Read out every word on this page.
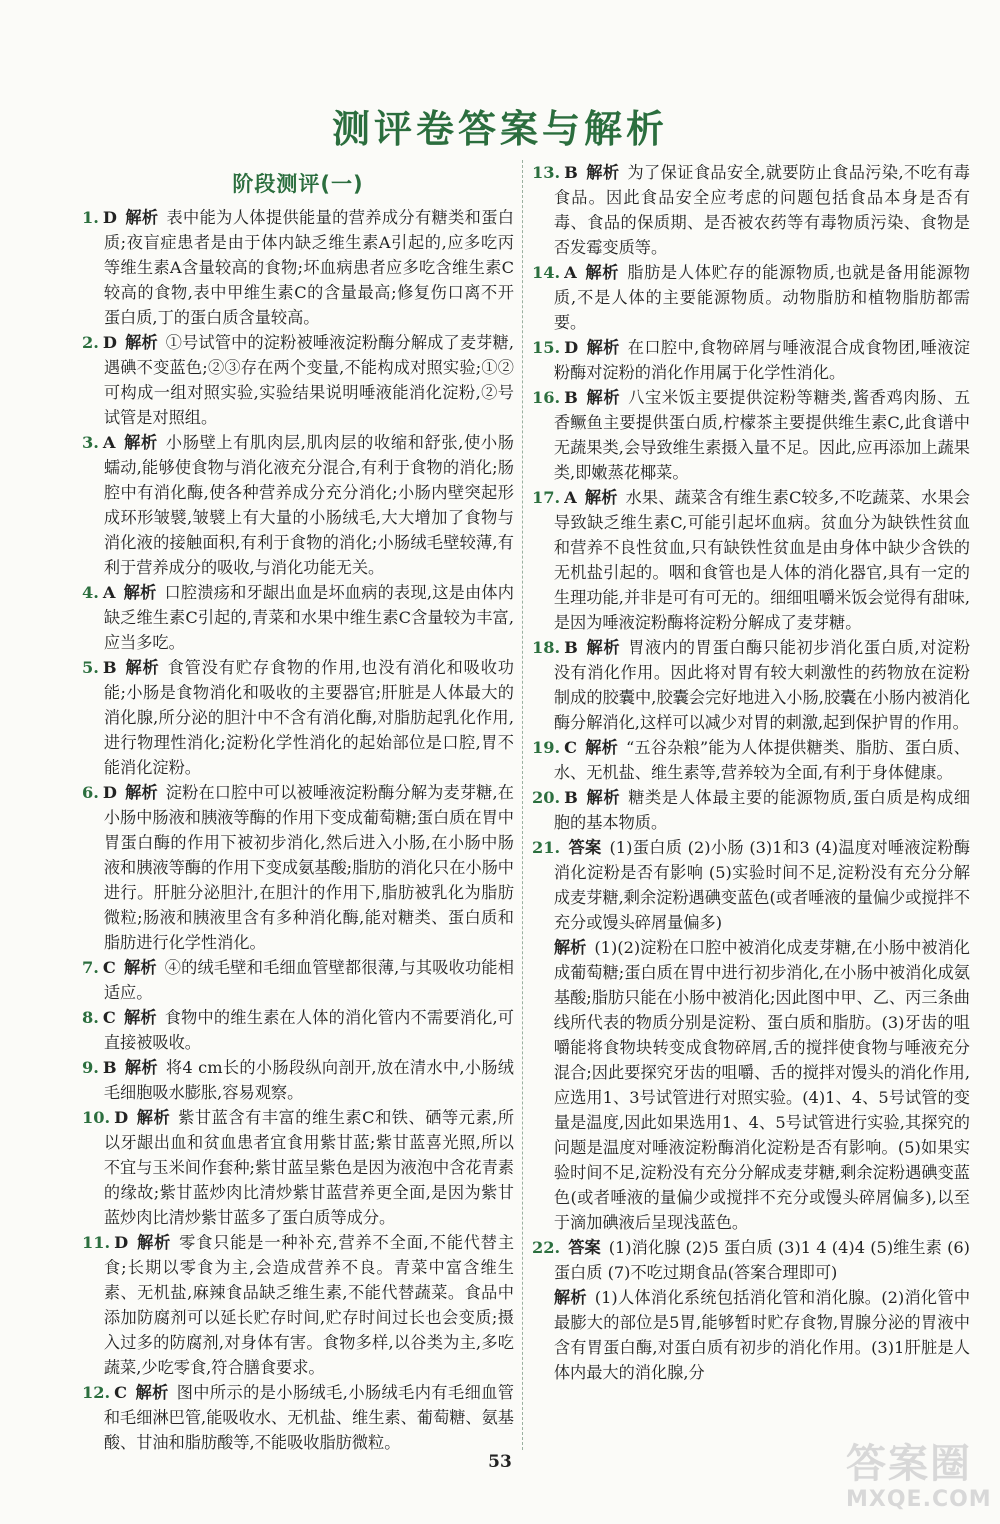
测评卷答案与解析
阶段测评(一)

1. D 解析 表中能为人体提供能量的营养成分有糖类和蛋白质;夜盲症患者是由于体内缺乏维生素A引起的,应多吃丙等维生素A含量较高的食物;坏血病患者应多吃含维生素C较高的食物,表中甲维生素C的含量最高;修复伤口离不开蛋白质,丁的蛋白质含量较高。

2. D 解析 ①号试管中的淀粉被唾液淀粉酶分解成了麦芽糖,遇碘不变蓝色;②③存在两个变量,不能构成对照实验;①②可构成一组对照实验,实验结果说明唾液能消化淀粉,②号试管是对照组。

3. A 解析 小肠壁上有肌肉层,肌肉层的收缩和舒张,使小肠蠕动,能够使食物与消化液充分混合,有利于食物的消化;肠腔中有消化酶,使各种营养成分充分消化;小肠内壁突起形成环形皱襞,皱襞上有大量的小肠绒毛,大大增加了食物与消化液的接触面积,有利于食物的消化;小肠绒毛壁较薄,有利于营养成分的吸收,与消化功能无关。

4. A 解析 口腔溃疡和牙龈出血是坏血病的表现,这是由体内缺乏维生素C引起的,青菜和水果中维生素C含量较为丰富,应当多吃。

5. B 解析 食管没有贮存食物的作用,也没有消化和吸收功能;小肠是食物消化和吸收的主要器官;肝脏是人体最大的消化腺,所分泌的胆汁中不含有消化酶,对脂肪起乳化作用,进行物理性消化;淀粉化学性消化的起始部位是口腔,胃不能消化淀粉。

6. D 解析 淀粉在口腔中可以被唾液淀粉酶分解为麦芽糖,在小肠中肠液和胰液等酶的作用下变成葡萄糖;蛋白质在胃中胃蛋白酶的作用下被初步消化,然后进入小肠,在小肠中肠液和胰液等酶的作用下变成氨基酸;脂肪的消化只在小肠中进行。肝脏分泌胆汁,在胆汁的作用下,脂肪被乳化为脂肪微粒;肠液和胰液里含有多种消化酶,能对糖类、蛋白质和脂肪进行化学性消化。

7. C 解析 ④的绒毛壁和毛细血管壁都很薄,与其吸收功能相适应。

8. C 解析 食物中的维生素在人体的消化管内不需要消化,可直接被吸收。

9. B 解析 将4 cm长的小肠段纵向剖开,放在清水中,小肠绒毛细胞吸水膨胀,容易观察。

10. D 解析 紫甘蓝含有丰富的维生素C和铁、硒等元素,所以牙龈出血和贫血患者宜食用紫甘蓝;紫甘蓝喜光照,所以不宜与玉米间作套种;紫甘蓝呈紫色是因为液泡中含花青素的缘故;紫甘蓝炒肉比清炒紫甘蓝营养更全面,是因为紫甘蓝炒肉比清炒紫甘蓝多了蛋白质等成分。

11. D 解析 零食只能是一种补充,营养不全面,不能代替主食;长期以零食为主,会造成营养不良。青菜中富含维生素、无机盐,麻辣食品缺乏维生素,不能代替蔬菜。食品中添加防腐剂可以延长贮存时间,贮存时间过长也会变质;摄入过多的防腐剂,对身体有害。食物多样,以谷类为主,多吃蔬菜,少吃零食,符合膳食要求。

12. C 解析 图中所示的是小肠绒毛,小肠绒毛内有毛细血管和毛细淋巴管,能吸收水、无机盐、维生素、葡萄糖、氨基酸、甘油和脂肪酸等,不能吸收脂肪微粒。

13. B 解析 为了保证食品安全,就要防止食品污染,不吃有毒食品。因此食品安全应考虑的问题包括食品本身是否有毒、食品的保质期、是否被农药等有毒物质污染、食物是否发霉变质等。

14. A 解析 脂肪是人体贮存的能源物质,也就是备用能源物质,不是人体的主要能源物质。动物脂肪和植物脂肪都需要。

15. D 解析 在口腔中,食物碎屑与唾液混合成食物团,唾液淀粉酶对淀粉的消化作用属于化学性消化。

16. B 解析 八宝米饭主要提供淀粉等糖类,酱香鸡肉肠、五香鳜鱼主要提供蛋白质,柠檬茶主要提供维生素C,此食谱中无蔬果类,会导致维生素摄入量不足。因此,应再添加上蔬果类,即嫩蒸花椰菜。

17. A 解析 水果、蔬菜含有维生素C较多,不吃蔬菜、水果会导致缺乏维生素C,可能引起坏血病。贫血分为缺铁性贫血和营养不良性贫血,只有缺铁性贫血是由身体中缺少含铁的无机盐引起的。咽和食管也是人体的消化器官,具有一定的生理功能,并非是可有可无的。细细咀嚼米饭会觉得有甜味,是因为唾液淀粉酶将淀粉分解成了麦芽糖。

18. B 解析 胃液内的胃蛋白酶只能初步消化蛋白质,对淀粉没有消化作用。因此将对胃有较大刺激性的药物放在淀粉制成的胶囊中,胶囊会完好地进入小肠,胶囊在小肠内被消化酶分解消化,这样可以减少对胃的刺激,起到保护胃的作用。

19. C 解析 “五谷杂粮”能为人体提供糖类、脂肪、蛋白质、水、无机盐、维生素等,营养较为全面,有利于身体健康。

20. B 解析 糖类是人体最主要的能源物质,蛋白质是构成细胞的基本物质。

21. 答案 (1)蛋白质 (2)小肠 (3)1和3 (4)温度对唾液淀粉酶消化淀粉是否有影响 (5)实验时间不足,淀粉没有充分分解成麦芽糖,剩余淀粉遇碘变蓝色(或者唾液的量偏少或搅拌不充分或馒头碎屑量偏多)

解析 (1)(2)淀粉在口腔中被消化成麦芽糖,在小肠中被消化成葡萄糖;蛋白质在胃中进行初步消化,在小肠中被消化成氨基酸;脂肪只能在小肠中被消化;因此图中甲、乙、丙三条曲线所代表的物质分别是淀粉、蛋白质和脂肪。(3)牙齿的咀嚼能将食物块转变成食物碎屑,舌的搅拌使食物与唾液充分混合;因此要探究牙齿的咀嚼、舌的搅拌对馒头的消化作用,应选用1、3号试管进行对照实验。(4)1、4、5号试管的变量是温度,因此如果选用1、4、5号试管进行实验,其探究的问题是温度对唾液淀粉酶消化淀粉是否有影响。(5)如果实验时间不足,淀粉没有充分分解成麦芽糖,剩余淀粉遇碘变蓝色(或者唾液的量偏少或搅拌不充分或馒头碎屑偏多),以至于滴加碘液后呈现浅蓝色。

22. 答案 (1)消化腺 (2)5 蛋白质 (3)1 4 (4)4 (5)维生素 (6)蛋白质 (7)不吃过期食品(答案合理即可)

解析 (1)人体消化系统包括消化管和消化腺。(2)消化管中最膨大的部位是5胃,能够暂时贮存食物,胃腺分泌的胃液中含有胃蛋白酶,对蛋白质有初步的消化作用。(3)1肝脏是人体内最大的消化腺,分

53	答案圈
MXQE.COM
